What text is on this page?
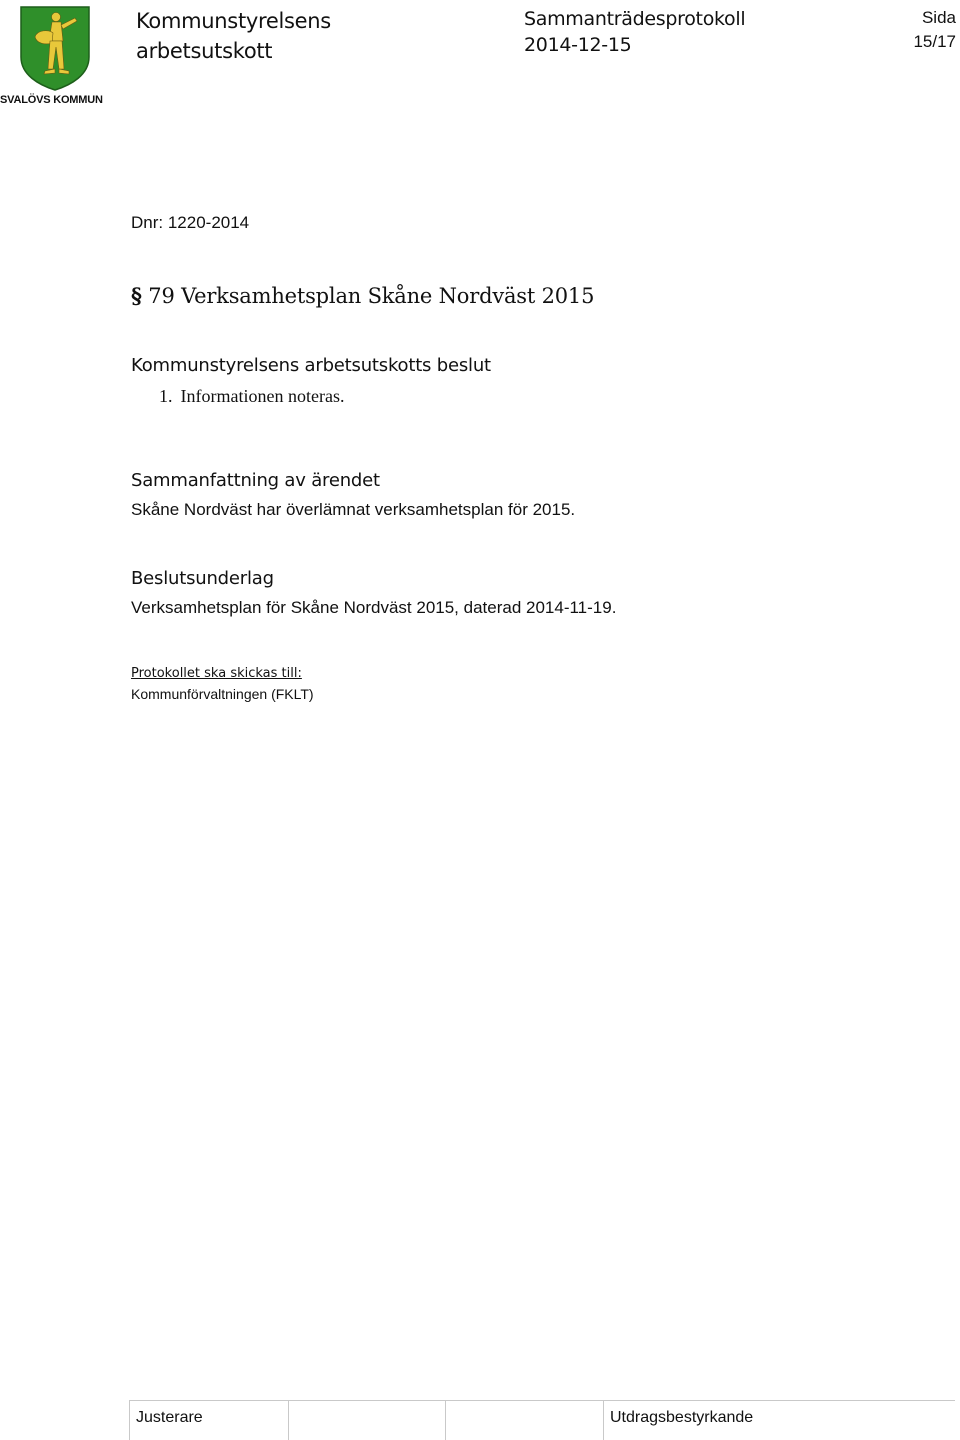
SVALÖVS KOMMUN
Kommunstyrelsens
arbetsutskott
Sammanträdesprotokoll
2014-12-15
Sida
15/17
Dnr: 1220-2014
§ 79 Verksamhetsplan Skåne Nordväst 2015
Kommunstyrelsens arbetsutskotts beslut
1. Informationen noteras.
Sammanfattning av ärendet
Skåne Nordväst har överlämnat verksamhetsplan för 2015.
Beslutsunderlag
Verksamhetsplan för Skåne Nordväst 2015, daterad 2014-11-19.
Protokollet ska skickas till:
Kommunförvaltningen (FKLT)
Justerare	Utdragsbestyrkande
